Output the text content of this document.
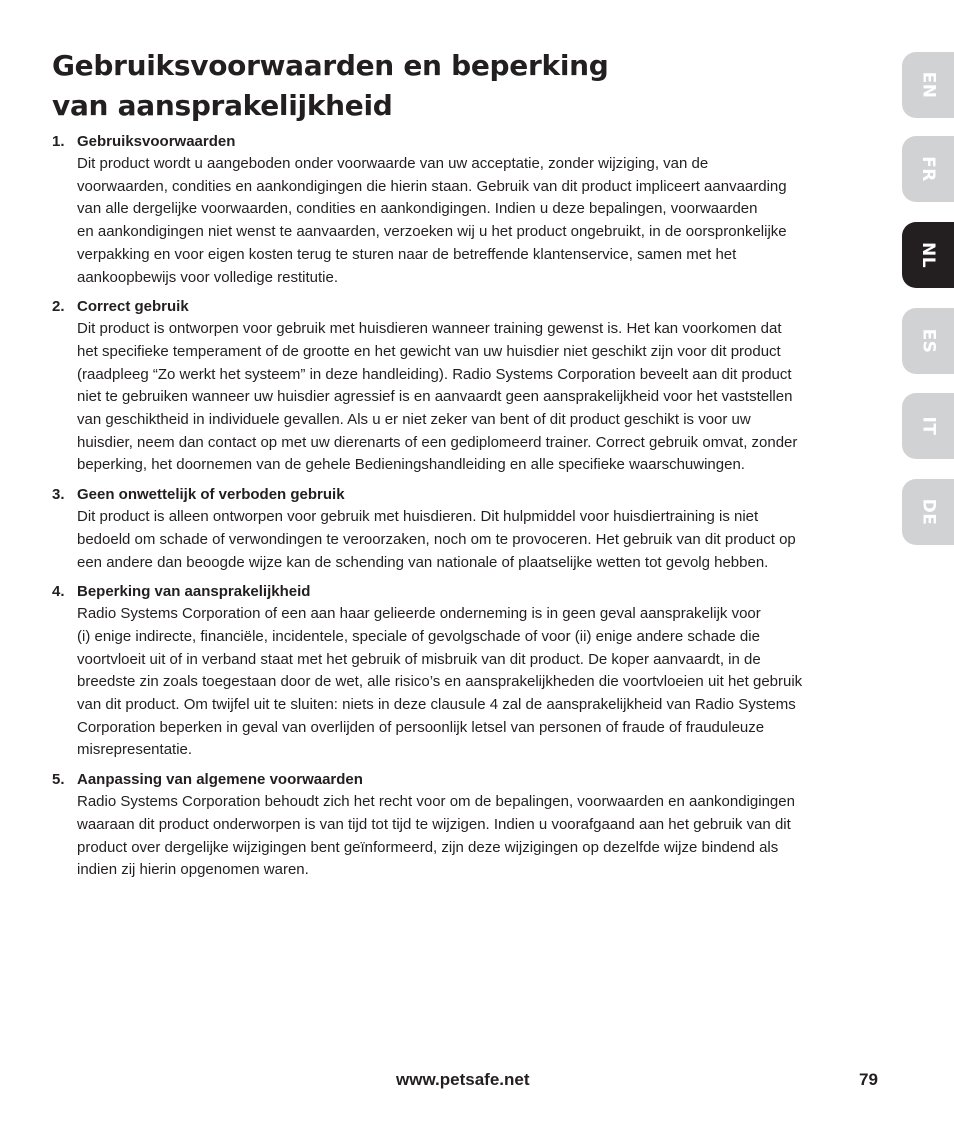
Gebruiksvoorwaarden en beperking
van aansprakelijkheid
1. Gebruiksvoorwaarden
Dit product wordt u aangeboden onder voorwaarde van uw acceptatie, zonder wijziging, van de
voorwaarden, condities en aankondigingen die hierin staan. Gebruik van dit product impliceert aanvaarding
van alle dergelijke voorwaarden, condities en aankondigingen. Indien u deze bepalingen, voorwaarden
en aankondigingen niet wenst te aanvaarden, verzoeken wij u het product ongebruikt, in de oorspronkelijke
verpakking en voor eigen kosten terug te sturen naar de betreffende klantenservice, samen met het
aankoopbewijs voor volledige restitutie.
2. Correct gebruik
Dit product is ontworpen voor gebruik met huisdieren wanneer training gewenst is. Het kan voorkomen dat
het specifieke temperament of de grootte en het gewicht van uw huisdier niet geschikt zijn voor dit product
(raadpleeg “Zo werkt het systeem” in deze handleiding). Radio Systems Corporation beveelt aan dit product
niet te gebruiken wanneer uw huisdier agressief is en aanvaardt geen aansprakelijkheid voor het vaststellen
van geschiktheid in individuele gevallen. Als u er niet zeker van bent of dit product geschikt is voor uw
huisdier, neem dan contact op met uw dierenarts of een gediplomeerd trainer. Correct gebruik omvat, zonder
beperking, het doornemen van de gehele Bedieningshandleiding en alle specifieke waarschuwingen.
3. Geen onwettelijk of verboden gebruik
Dit product is alleen ontworpen voor gebruik met huisdieren. Dit hulpmiddel voor huisdiertraining is niet
bedoeld om schade of verwondingen te veroorzaken, noch om te provoceren. Het gebruik van dit product op
een andere dan beoogde wijze kan de schending van nationale of plaatselijke wetten tot gevolg hebben.
4. Beperking van aansprakelijkheid
Radio Systems Corporation of een aan haar gelieerde onderneming is in geen geval aansprakelijk voor
(i) enige indirecte, financiële, incidentele, speciale of gevolgschade of voor (ii) enige andere schade die
voortvloeit uit of in verband staat met het gebruik of misbruik van dit product. De koper aanvaardt, in de
breedste zin zoals toegestaan door de wet, alle risico’s en aansprakelijkheden die voortvloeien uit het gebruik
van dit product. Om twijfel uit te sluiten: niets in deze clausule 4 zal de aansprakelijkheid van Radio Systems
Corporation beperken in geval van overlijden of persoonlijk letsel van personen of fraude of frauduleuze
misrepresentatie.
5. Aanpassing van algemene voorwaarden
Radio Systems Corporation behoudt zich het recht voor om de bepalingen, voorwaarden en aankondigingen
waaraan dit product onderworpen is van tijd tot tijd te wijzigen. Indien u voorafgaand aan het gebruik van dit
product over dergelijke wijzigingen bent geïnformeerd, zijn deze wijzigingen op dezelfde wijze bindend als
indien zij hierin opgenomen waren.
EN
FR
NL
ES
IT
DE
www.petsafe.net	79
